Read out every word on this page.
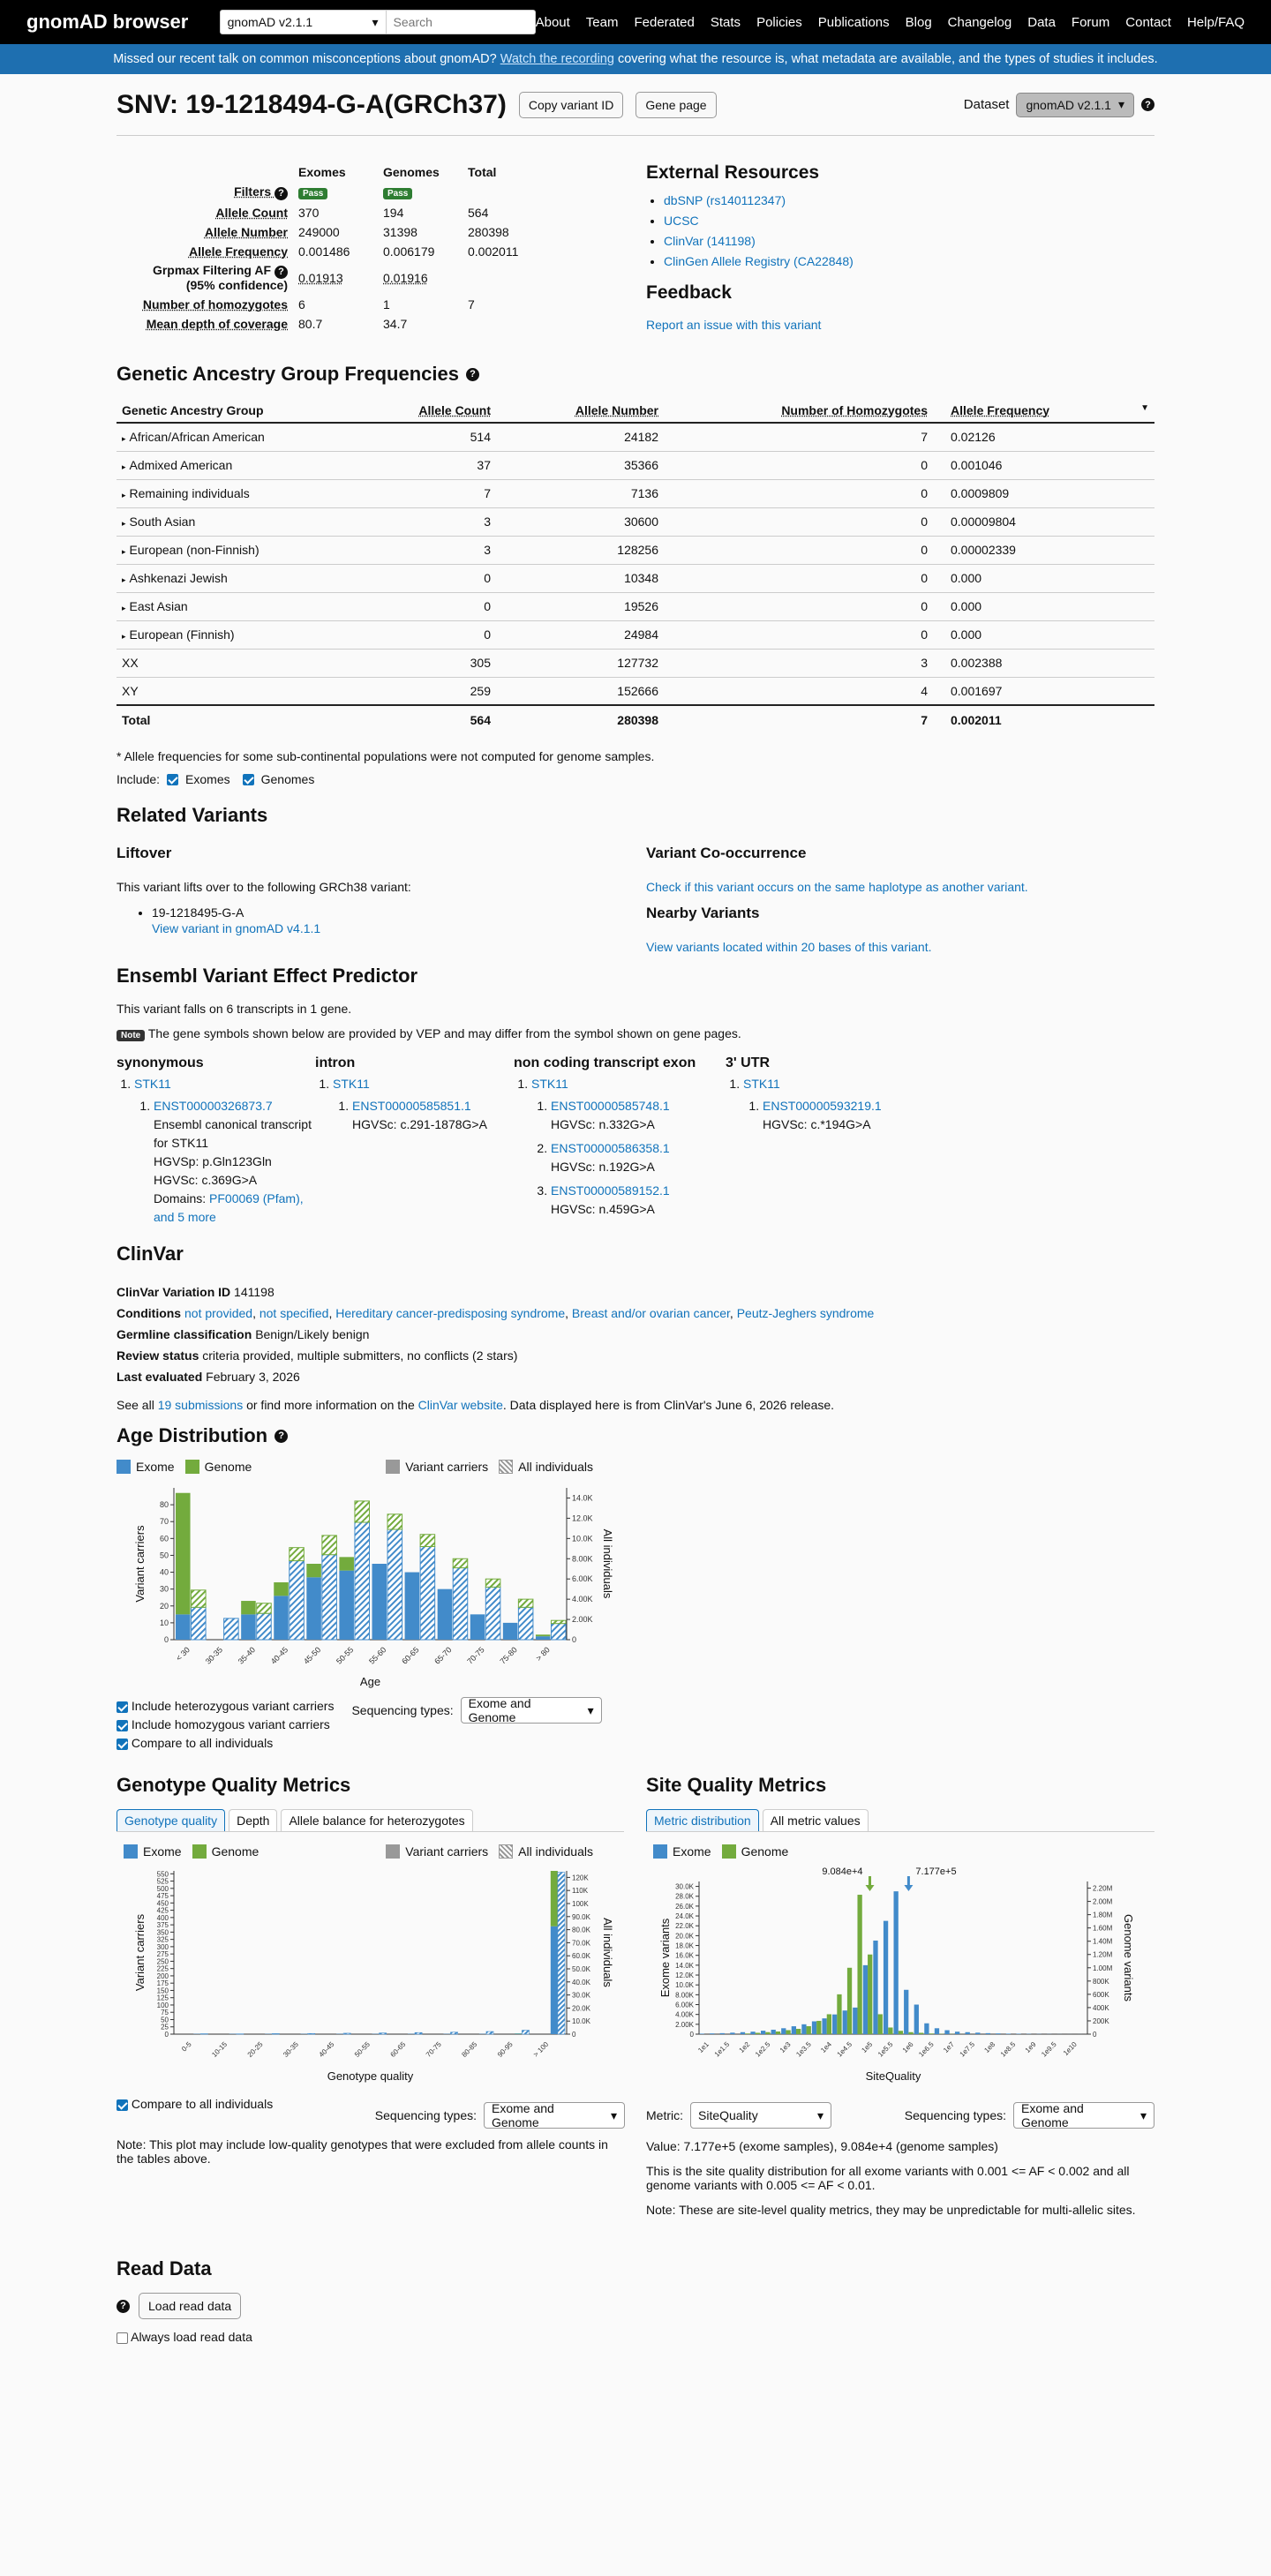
gnomAD browser	gnomAD v2.1.1	▾	Search	About Team Federated Stats Policies Publications Blog Changelog Data Forum Contact Help/FAQ
Missed our recent talk on common misconceptions about gnomAD? Watch the recording covering what the resource is, what metadata are available, and the types of studies it includes.
SNV: 19-1218494-G-A(GRCh37)	Copy variant ID	Gene page	Dataset gnomAD v2.1.1 ▾	?
	Exomes	Genomes	Total
Filters ?	Pass	Pass	
Allele Count	370	194	564
Allele Number	249000	31398	280398
Allele Frequency	0.001486	0.006179	0.002011
Grpmax Filtering AF ?
(95% confidence)	0.01913	0.01916	
Number of homozygotes	6	1	7
Mean depth of coverage	80.7	34.7	
External Resources
• dbSNP (rs140112347)
• UCSC
• ClinVar (141198)
• ClinGen Allele Registry (CA22848)
Feedback
Report an issue with this variant
Genetic Ancestry Group Frequencies	?
Genetic Ancestry Group	Allele Count	Allele Number	Number of Homozygotes	Allele Frequency ▼

▸ African/African American	514	24182	7	0.02126
▸ Admixed American	37	35366	0	0.001046
▸ Remaining individuals	7	7136	0	0.0009809
▸ South Asian	3	30600	0	0.00009804
▸ European (non-Finnish)	3	128256	0	0.00002339
▸ Ashkenazi Jewish	0	10348	0	0.000
▸ East Asian	0	19526	0	0.000
▸ European (Finnish)	0	24984	0	0.000
XX	305	127732	3	0.002388
XY	259	152666	4	0.001697
Total	564	280398	7	0.002011
* Allele frequencies for some sub-continental populations were not computed for genome samples.
Include: Exomes	Genomes
Related Variants
Liftover
This variant lifts over to the following GRCh38 variant:
• 19-1218495-G-A
View variant in gnomAD v4.1.1
Variant Co-occurrence
Check if this variant occurs on the same haplotype as another variant.
Nearby Variants
View variants located within 20 bases of this variant.
Ensembl Variant Effect Predictor
This variant falls on 6 transcripts in 1 gene.
Note The gene symbols shown below are provided by VEP and may differ from the symbol shown on gene pages.
synonymous
1. STK11
1. ENST00000326873.7
Ensembl canonical transcript for STK11
HGVSp: p.Gln123Gln
HGVSc: c.369G>A
Domains: PF00069 (Pfam), and 5 more
intron
1. STK11
1. ENST00000585851.1
HGVSc: c.291-1878G>A
non coding transcript exon
1. STK11
1. ENST00000585748.1
HGVSc: n.332G>A
2. ENST00000586358.1
HGVSc: n.192G>A
3. ENST00000589152.1
HGVSc: n.459G>A
3' UTR
1. STK11
1. ENST00000593219.1
HGVSc: c.*194G>A
ClinVar
ClinVar Variation ID 141198
Conditions not provided, not specified, Hereditary cancer-predisposing syndrome, Breast and/or ovarian cancer, Peutz-Jeghers syndrome
Germline classification Benign/Likely benign
Review status criteria provided, multiple submitters, no conflicts (2 stars)
Last evaluated February 3, 2026
See all 19 submissions or find more information on the ClinVar website. Data displayed here is from ClinVar's June 6, 2026 release.
Age Distribution	?
Exome Genome	Variant carriers All individuals
0
10
20
30
40
50
60
70
80
0
2.00K
4.00K
6.00K
8.00K
10.0K
12.0K
14.0K
< 30 30-35 35-40 40-45 45-50 50-55 55-60 60-65 65-70 70-75 75-80 > 80
Age
Variant carriers	All individuals
Include heterozygous variant carriers
Include homozygous variant carriers
Compare to all individuals
Sequencing types: Exome and Genome
▾
Genotype Quality Metrics
Genotype quality	Depth	Allele balance for heterozygotes
Exome Genome	Variant carriers All individuals
0
25
50
75
100
125
150
175
200
225
250
275
300
325
350
375
400
425
450
475
500
525
550
0
10.0K
20.0K
30.0K
40.0K
50.0K
60.0K
70.0K
80.0K
90.0K
100K
110K
120K
0-5 10-15 20-25 30-35 40-45 50-55 60-65 70-75 80-85 90-95 > 100
Genotype quality
Variant carriers	All individuals
Compare to all individuals
Sequencing types: Exome and Genome
▾
Note: This plot may include low-quality genotypes that were excluded from allele counts in the tables above.
Site Quality Metrics
Metric distribution	All metric values
Exome Genome
0
2.00K
4.00K
6.00K
8.00K
10.0K
12.0K
14.0K
16.0K
18.0K
20.0K
22.0K
24.0K
26.0K
28.0K
30.0K
0
200K
400K
600K
800K
1.00M
1.20M
1.40M
1.60M
1.80M
2.00M
2.20M
1e1 1e1.5 1e2 1e2.5 1e3 1e3.5 1e4 1e4.5 1e5 1e5.5 1e6 1e6.5 1e7 1e7.5 1e8 1e8.5 1e9 1e9.5 1e10
SiteQuality
Exome variants	Genome variants
9.084e+4	7.177e+5
Metric: SiteQuality	▾	Sequencing types: Exome and Genome
▾
Value: 7.177e+5 (exome samples), 9.084e+4 (genome samples)
This is the site quality distribution for all exome variants with 0.001 <= AF < 0.002 and all genome variants with 0.005 <= AF < 0.01.
Note: These are site-level quality metrics, they may be unpredictable for multi-allelic sites.
Read Data
?	Load read data
Always load read data
